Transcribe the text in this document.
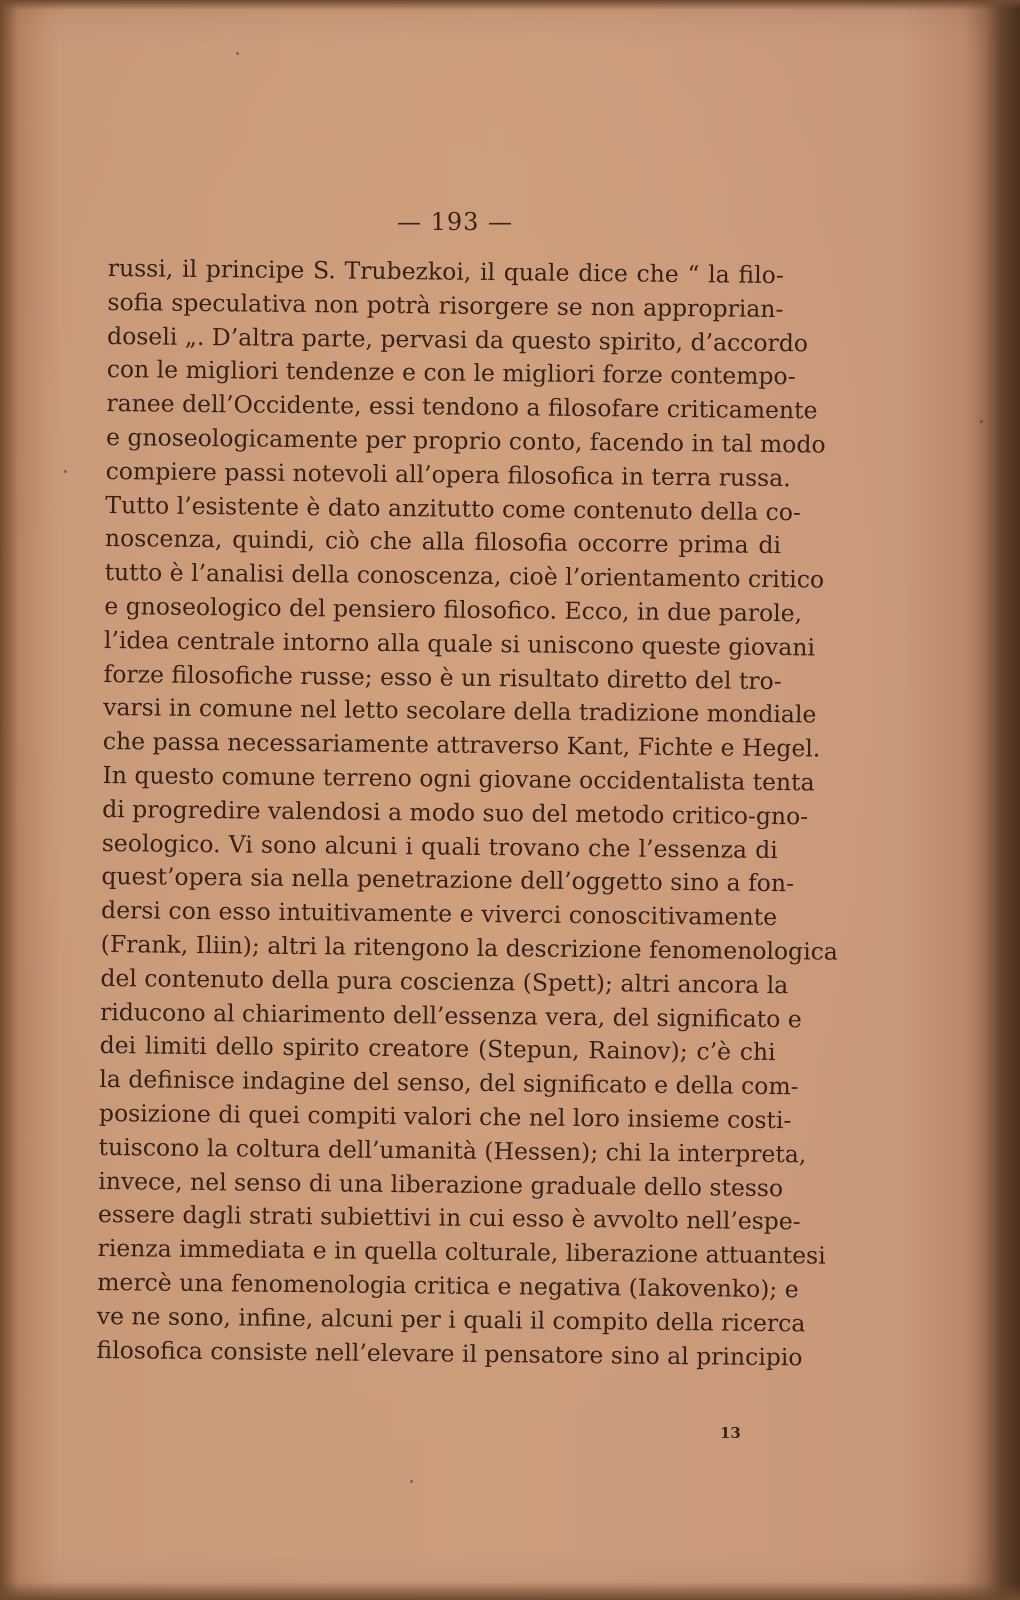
— 193 —
russi, il principe S. Trubezkoi, il quale dice che “ la filo-
sofia speculativa non potrà risorgere se non approprian-
doseli „. D’altra parte, pervasi da questo spirito, d’accordo
con le migliori tendenze e con le migliori forze contempo-
ranee dell’Occidente, essi tendono a filosofare criticamente
e gnoseologicamente per proprio conto, facendo in tal modo
compiere passi notevoli all’opera filosofica in terra russa.
Tutto l’esistente è dato anzitutto come contenuto della co-
noscenza, quindi, ciò che alla filosofia occorre prima di
tutto è l’analisi della conoscenza, cioè l’orientamento critico
e gnoseologico del pensiero filosofico. Ecco, in due parole,
l’idea centrale intorno alla quale si uniscono queste giovani
forze filosofiche russe; esso è un risultato diretto del tro-
varsi in comune nel letto secolare della tradizione mondiale
che passa necessariamente attraverso Kant, Fichte e Hegel.
In questo comune terreno ogni giovane occidentalista tenta
di progredire valendosi a modo suo del metodo critico-gno-
seologico. Vi sono alcuni i quali trovano che l’essenza di
quest’opera sia nella penetrazione dell’oggetto sino a fon-
dersi con esso intuitivamente e viverci conoscitivamente
(Frank, Iliin); altri la ritengono la descrizione fenomenologica
del contenuto della pura coscienza (Spett); altri ancora la
riducono al chiarimento dell’essenza vera, del significato e
dei limiti dello spirito creatore (Stepun, Rainov); c’è chi
la definisce indagine del senso, del significato e della com-
posizione di quei compiti valori che nel loro insieme costi-
tuiscono la coltura dell’umanità (Hessen); chi la interpreta,
invece, nel senso di una liberazione graduale dello stesso
essere dagli strati subiettivi in cui esso è avvolto nell’espe-
rienza immediata e in quella colturale, liberazione attuantesi
mercè una fenomenologia critica e negativa (Iakovenko); e
ve ne sono, infine, alcuni per i quali il compito della ricerca
filosofica consiste nell’elevare il pensatore sino al principio
13
